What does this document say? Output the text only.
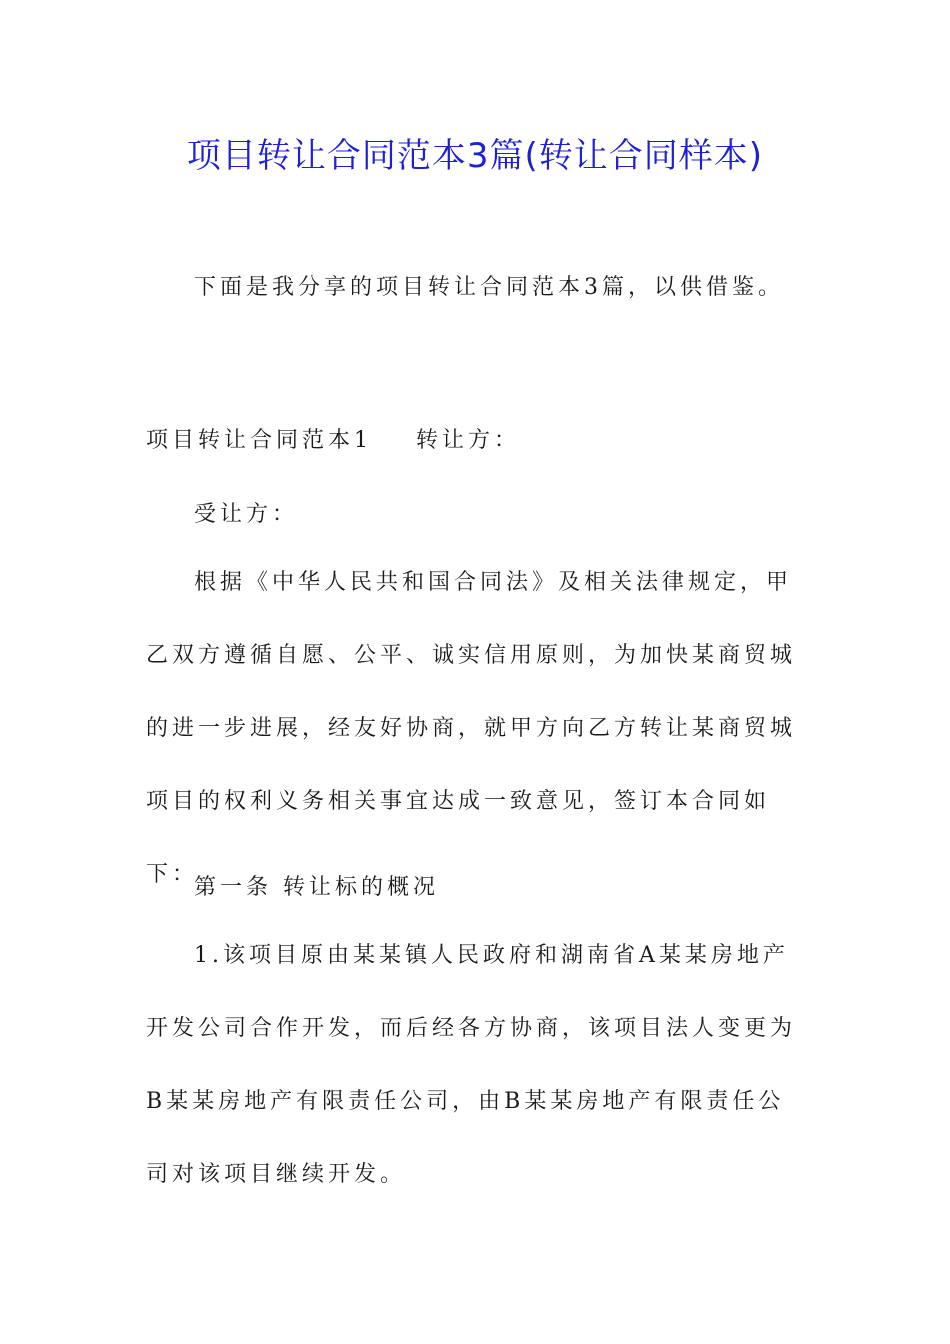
项目转让合同范本3篇(转让合同样本)
下面是我分享的项目转让合同范本3篇，以供借鉴。
项目转让合同范本1 转让方：
受让方：

根据《中华人民共和国合同法》及相关法律规定，甲乙双方遵循自愿、公平、诚实信用原则，为加快某商贸城的进一步进展，经友好协商，就甲方向乙方转让某商贸城项目的权利义务相关事宜达成一致意见，签订本合同如下：

第一条 转让标的概况

1.该项目原由某某镇人民政府和湖南省A某某房地产开发公司合作开发，而后经各方协商，该项目法人变更为B某某房地产有限责任公司，由B某某房地产有限责任公司对该项目继续开发。
